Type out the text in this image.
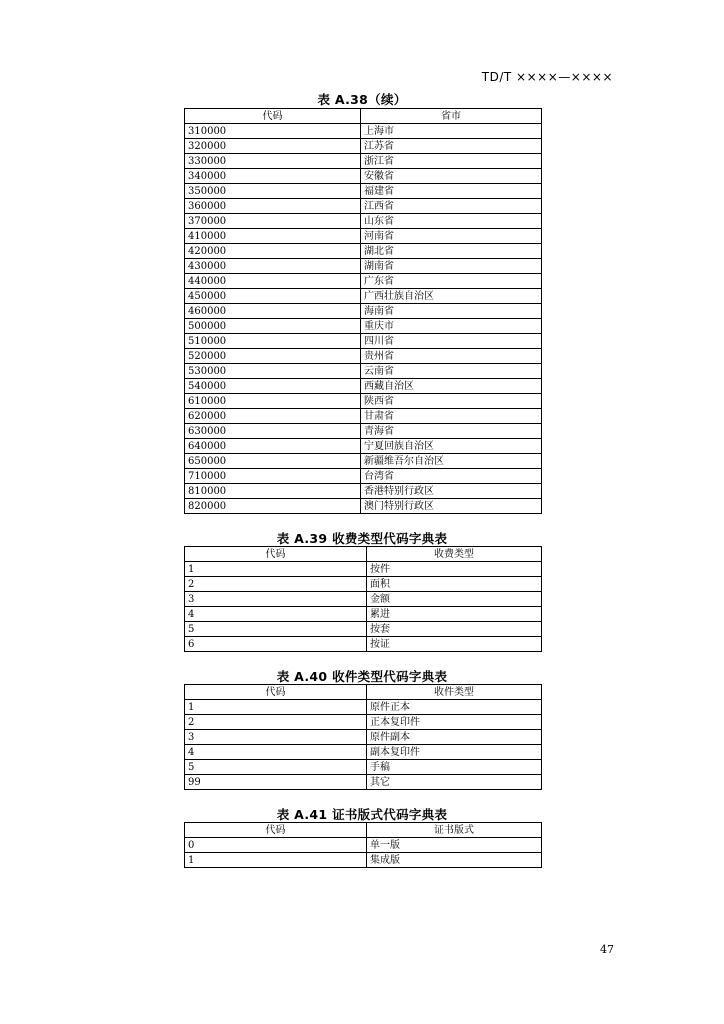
TD/T ××××—××××
表 A.38（续）
代码	省市
310000	上海市
320000	江苏省
330000	浙江省
340000	安徽省
350000	福建省
360000	江西省
370000	山东省
410000	河南省
420000	湖北省
430000	湖南省
440000	广东省
450000	广西壮族自治区
460000	海南省
500000	重庆市
510000	四川省
520000	贵州省
530000	云南省
540000	西藏自治区
610000	陕西省
620000	甘肃省
630000	青海省
640000	宁夏回族自治区
650000	新疆维吾尔自治区
710000	台湾省
810000	香港特别行政区
820000	澳门特别行政区
表 A.39 收费类型代码字典表
代码	收费类型
1	按件
2	面积
3	金额
4	累进
5	按套
6	按证
表 A.40 收件类型代码字典表
代码	收件类型
1	原件正本
2	正本复印件
3	原件副本
4	副本复印件
5	手稿
99	其它
表 A.41 证书版式代码字典表
代码	证书版式
0	单一版
1	集成版
47
